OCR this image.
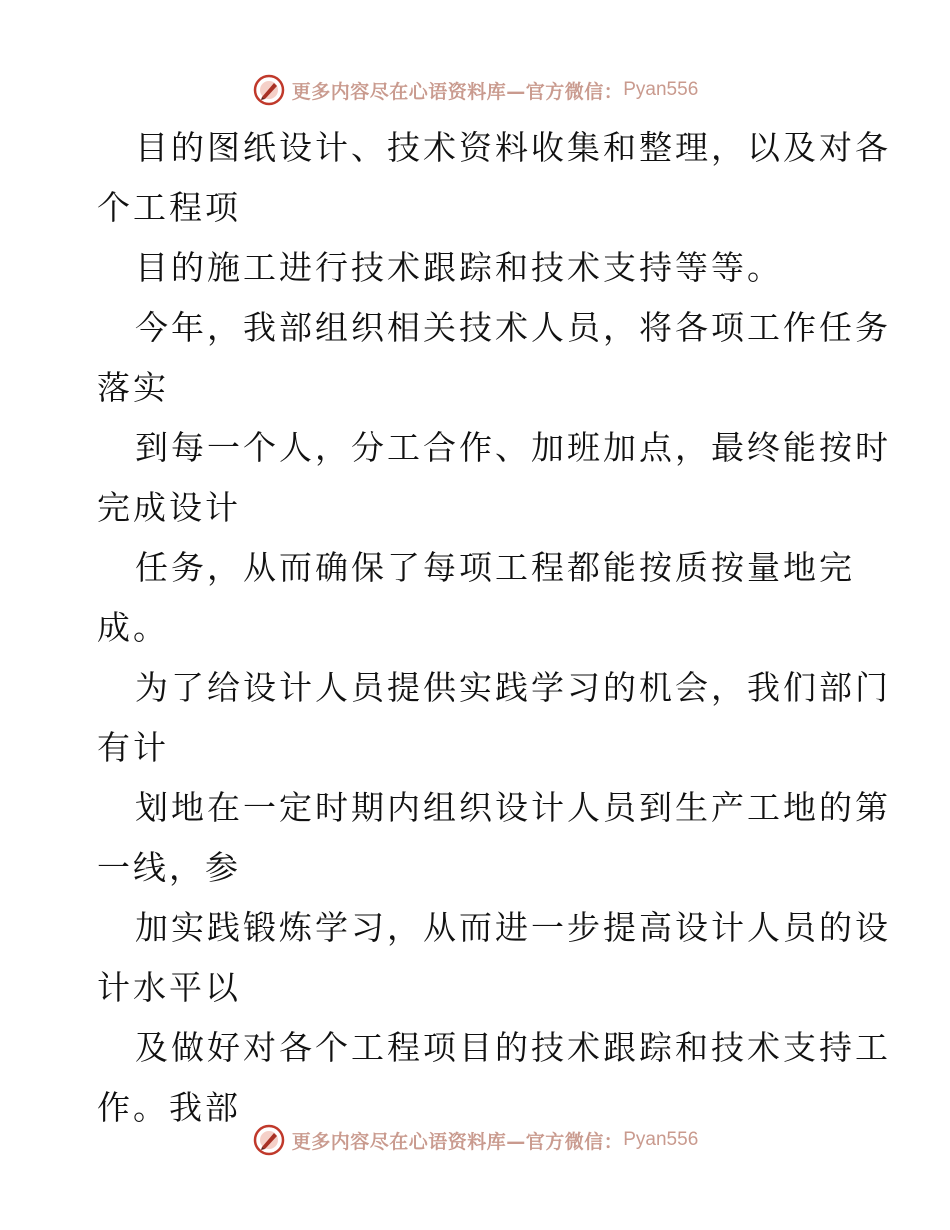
更多内容尽在心语资料库—官方微信： Pyan556
目的图纸设计、技术资料收集和整理，以及对各
个工程项
目的施工进行技术跟踪和技术支持等等。
今年，我部组织相关技术人员，将各项工作任务
落实
到每一个人，分工合作、加班加点，最终能按时
完成设计
任务，从而确保了每项工程都能按质按量地完
成。
为了给设计人员提供实践学习的机会，我们部门
有计
划地在一定时期内组织设计人员到生产工地的第
一线，参
加实践锻炼学习，从而进一步提高设计人员的设
计水平以
及做好对各个工程项目的技术跟踪和技术支持工
作。我部
更多内容尽在心语资料库—官方微信： Pyan556
